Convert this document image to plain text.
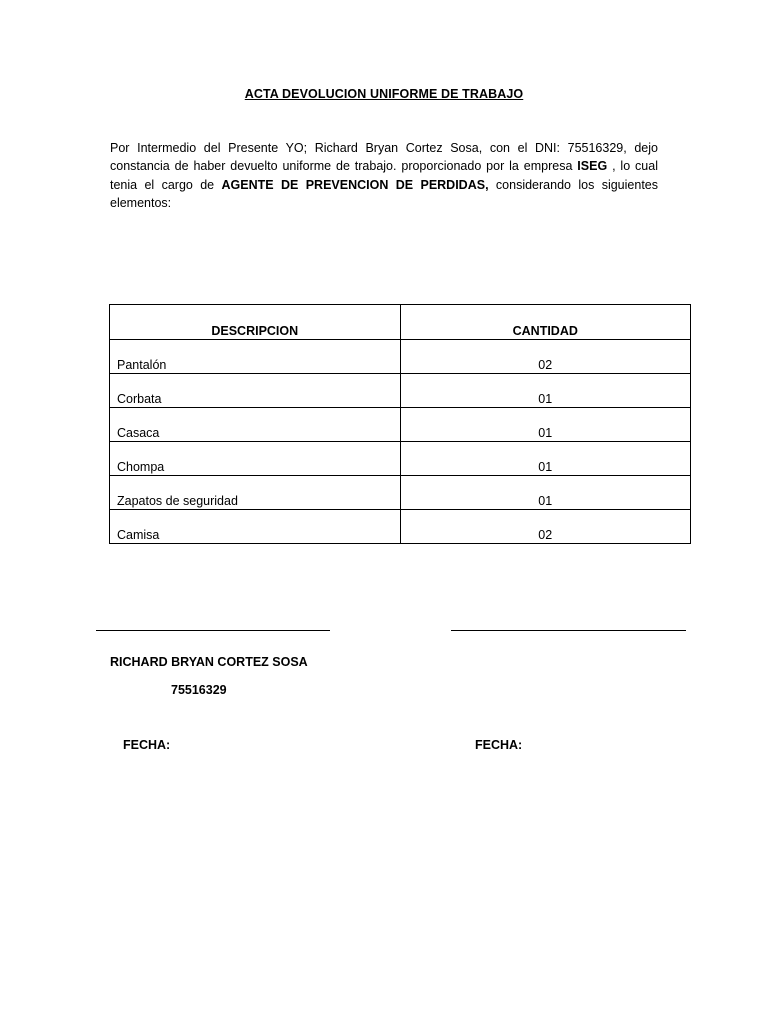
ACTA DEVOLUCION UNIFORME DE TRABAJO

Por Intermedio del Presente YO; Richard Bryan Cortez Sosa, con el DNI: 75516329, dejo constancia de haber devuelto uniforme de trabajo. proporcionado por la empresa ISEG , lo cual tenia el cargo de AGENTE DE PREVENCION DE PERDIDAS, considerando los siguientes elementos:

DESCRIPCION	CANTIDAD
Pantalón	02
Corbata	01
Casaca	01
Chompa	01
Zapatos de seguridad	01
Camisa	02
RICHARD BRYAN CORTEZ SOSA
75516329
FECHA:	FECHA:
